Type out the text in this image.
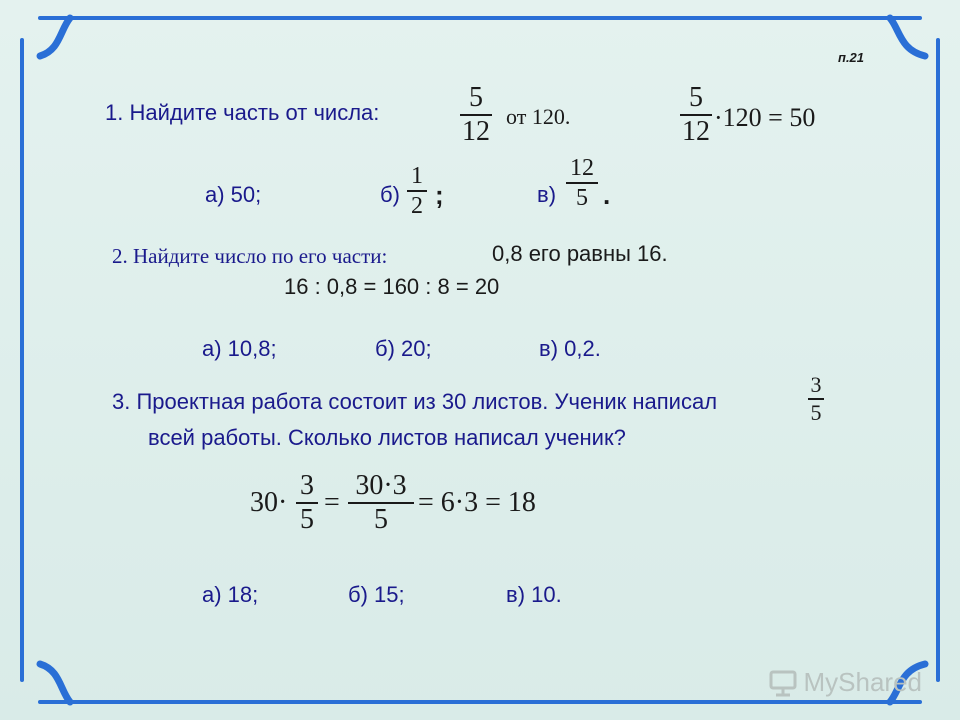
п.21
1. Найдите часть от числа:	5
12 от 120.
5
12 ·120 = 50
а) 50;	б)
1
2 ;	в)
12
5 .
2. Найдите число по его части:	0,8 его равны 16.
16 : 0,8 = 160 : 8 = 20
а) 10,8;	б) 20;	в) 0,2.
3. Проектная работа состоит из 30 листов. Ученик написал
3
5
всей работы. Сколько листов написал ученик?
30·
3
5
=
30·3
5
= 6·3 = 18
а) 18;	б) 15;	в) 10.
MyShared
